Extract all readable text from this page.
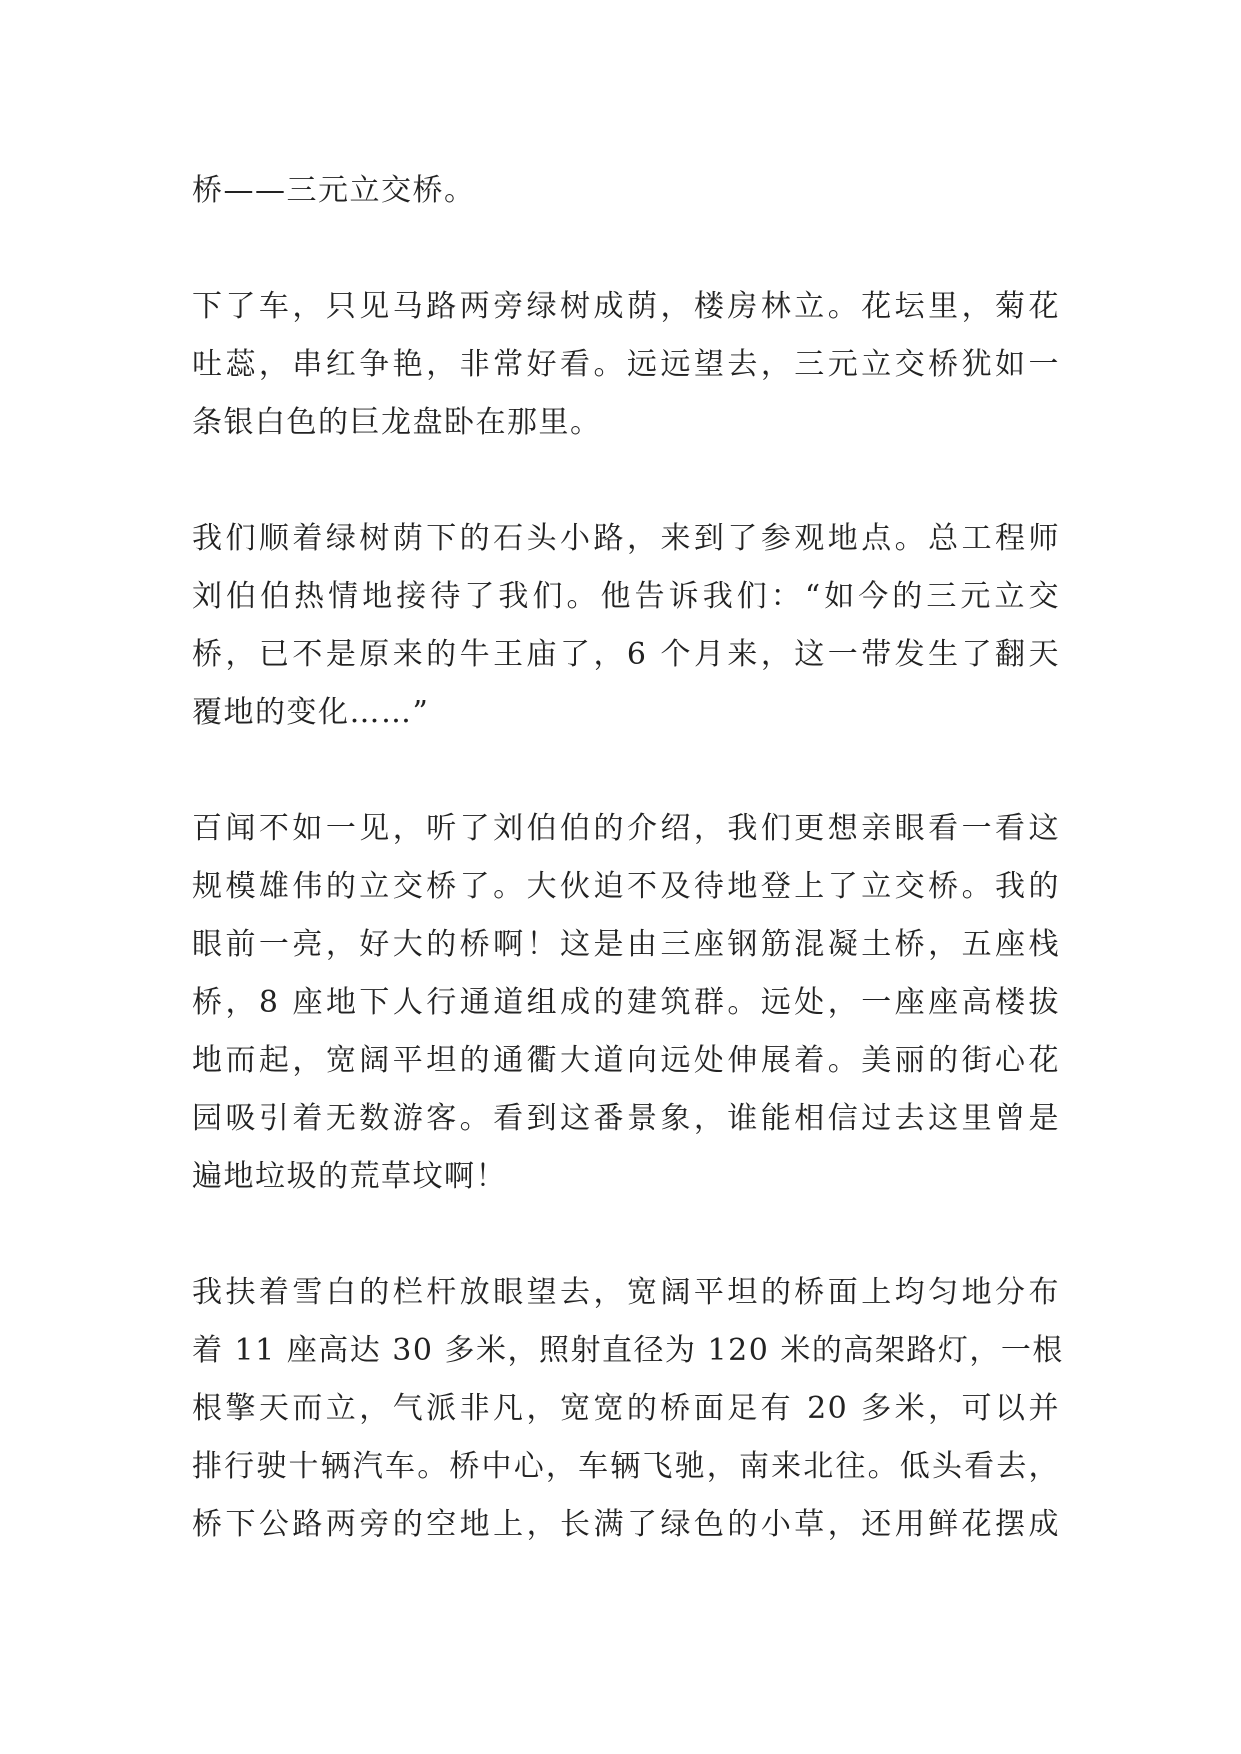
桥——三元立交桥。

下了车，只见马路两旁绿树成荫，楼房林立。花坛里，菊花
吐蕊，串红争艳，非常好看。远远望去，三元立交桥犹如一
条银白色的巨龙盘卧在那里。

我们顺着绿树荫下的石头小路，来到了参观地点。总工程师
刘伯伯热情地接待了我们。他告诉我们：“如今的三元立交
桥，已不是原来的牛王庙了，6 个月来，这一带发生了翻天
覆地的变化……”

百闻不如一见，听了刘伯伯的介绍，我们更想亲眼看一看这
规模雄伟的立交桥了。大伙迫不及待地登上了立交桥。我的
眼前一亮，好大的桥啊！这是由三座钢筋混凝土桥，五座栈
桥，8 座地下人行通道组成的建筑群。远处，一座座高楼拔
地而起，宽阔平坦的通衢大道向远处伸展着。美丽的街心花
园吸引着无数游客。看到这番景象，谁能相信过去这里曾是
遍地垃圾的荒草坟啊！

我扶着雪白的栏杆放眼望去，宽阔平坦的桥面上均匀地分布
着 11 座高达 30 多米，照射直径为 120 米的高架路灯，一根
根擎天而立，气派非凡，宽宽的桥面足有 20 多米，可以并
排行驶十辆汽车。桥中心，车辆飞驰，南来北往。低头看去，
桥下公路两旁的空地上，长满了绿色的小草，还用鲜花摆成
